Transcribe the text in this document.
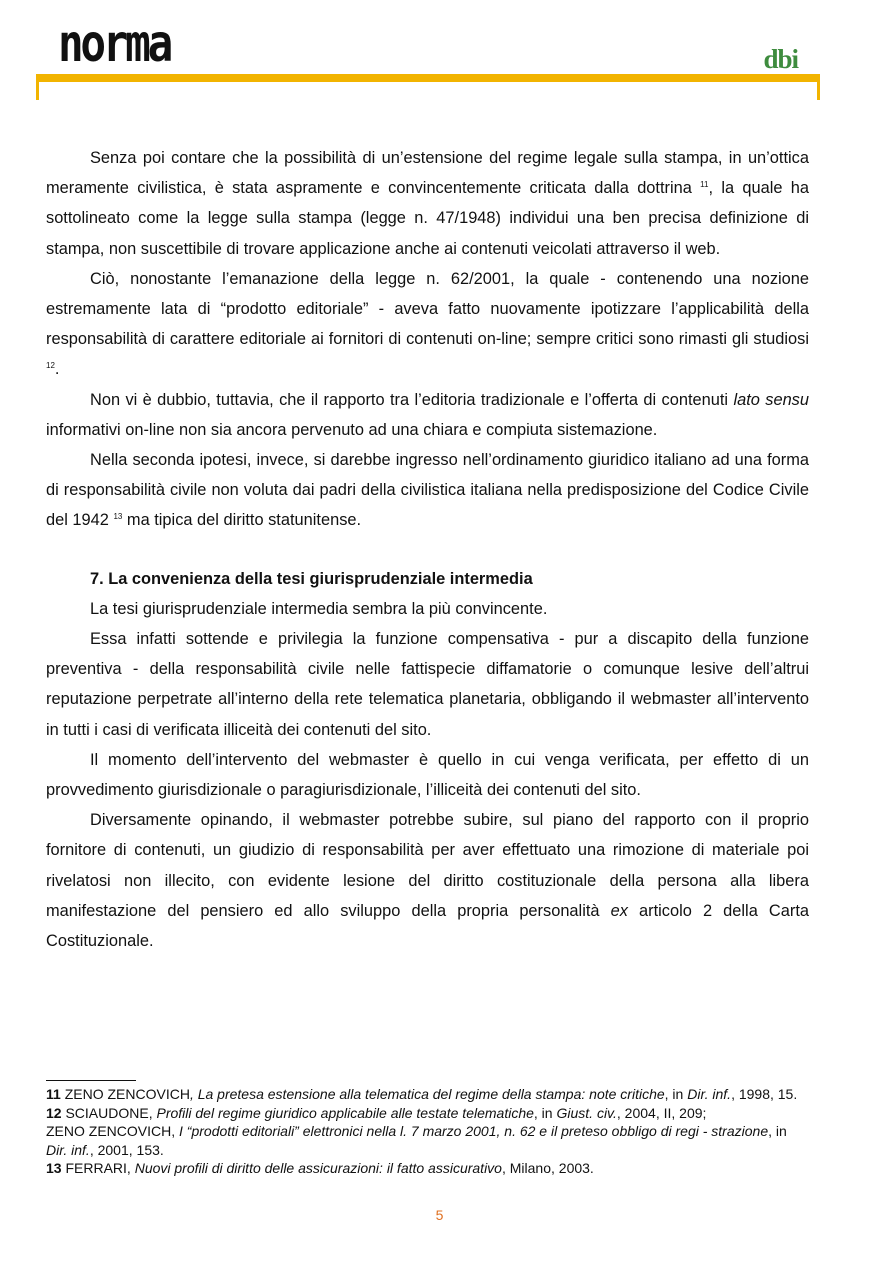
norma	dbi

Senza poi contare che la possibilità di un’estensione del regime legale sulla stampa, in un’ottica meramente civilistica, è stata aspramente e convincentemente criticata dalla dottrina $^{11}$, la quale ha sottolineato come la legge sulla stampa (legge n. 47/1948) individui una ben precisa definizione di stampa, non suscettibile di trovare applicazione anche ai contenuti veicolati attraverso il web.

Ciò, nonostante l’emanazione della legge n. 62/2001, la quale - contenendo una nozione estremamente lata di “prodotto editoriale” - aveva fatto nuovamente ipotizzare l’applicabilità della responsabilità di carattere editoriale ai fornitori di contenuti on-line; sempre critici sono rimasti gli studiosi $^{12}$.

Non vi è dubbio, tuttavia, che il rapporto tra l’editoria tradizionale e l’offerta di contenuti lato sensu informativi on-line non sia ancora pervenuto ad una chiara e compiuta sistemazione.

Nella seconda ipotesi, invece, si darebbe ingresso nell’ordinamento giuridico italiano ad una forma di responsabilità civile non voluta dai padri della civilistica italiana nella predisposizione del Codice Civile del 1942 $^{13}$ ma tipica del diritto statunitense.

7. La convenienza della tesi giurisprudenziale intermedia

La tesi giurisprudenziale intermedia sembra la più convincente.

Essa infatti sottende e privilegia la funzione compensativa - pur a discapito della funzione preventiva - della responsabilità civile nelle fattispecie diffamatorie o comunque lesive dell’altrui reputazione perpetrate all’interno della rete telematica planetaria, obbligando il webmaster all’intervento in tutti i casi di verificata illiceità dei contenuti del sito.

Il momento dell’intervento del webmaster è quello in cui venga verificata, per effetto di un provvedimento giurisdizionale o paragiurisdizionale, l’illiceità dei contenuti del sito.

Diversamente opinando, il webmaster potrebbe subire, sul piano del rapporto con il proprio fornitore di contenuti, un giudizio di responsabilità per aver effettuato una rimozione di materiale poi rivelatosi non illecito, con evidente lesione del diritto costituzionale della persona alla libera manifestazione del pensiero ed allo sviluppo della propria personalità ex articolo 2 della Carta Costituzionale.

11 ZENO ZENCOVICH, La pretesa estensione alla telematica del regime della stampa: note critiche, in Dir. inf., 1998, 15.

12 SCIAUDONE, Profili del regime giuridico applicabile alle testate telematiche, in Giust. civ., 2004, II, 209;
ZENO ZENCOVICH, I “prodotti editoriali” elettronici nella l. 7 marzo 2001, n. 62 e il preteso obbligo di regi - strazione, in Dir. inf., 2001, 153.

13 FERRARI, Nuovi profili di diritto delle assicurazioni: il fatto assicurativo, Milano, 2003.

5
